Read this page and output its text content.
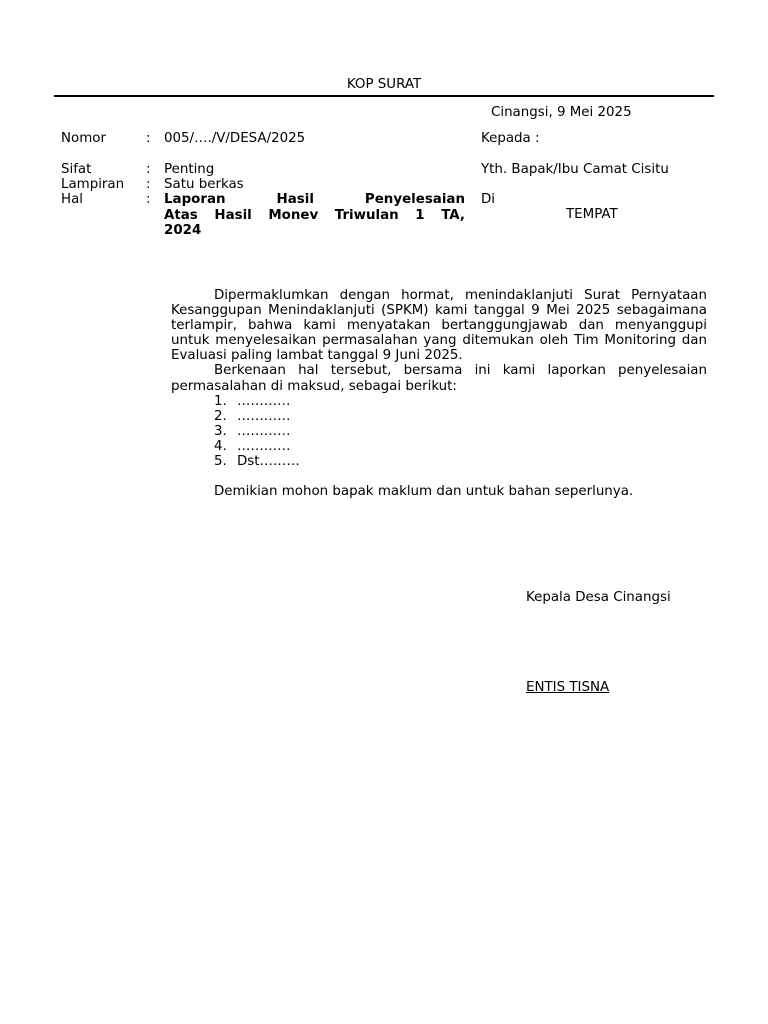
KOP SURAT
Cinangsi, 9 Mei 2025
Nomor	: 005/…./V/DESA/2025
Sifat	: Penting
Lampiran : Satu berkas
Hal	: Laporan Hasil Penyelesaian
Atas Hasil Monev Triwulan 1 TA,
2024
Kepada :
Yth. Bapak/Ibu Camat Cisitu
Di
TEMPAT

Dipermaklumkan dengan hormat, menindaklanjuti Surat Pernyataan Kesanggupan Menindaklanjuti (SPKM) kami tanggal 9 Mei 2025 sebagaimana terlampir, bahwa kami menyatakan bertanggungjawab dan menyanggupi untuk menyelesaikan permasalahan yang ditemukan oleh Tim Monitoring dan Evaluasi paling lambat tanggal 9 Juni 2025.

Berkenaan hal tersebut, bersama ini kami laporkan penyelesaian permasalahan di maksud, sebagai berikut:

1. …………
2. …………
3. …………
4. …………
5. Dst………

Demikian mohon bapak maklum dan untuk bahan seperlunya.

Kepala Desa Cinangsi
ENTIS TISNA
